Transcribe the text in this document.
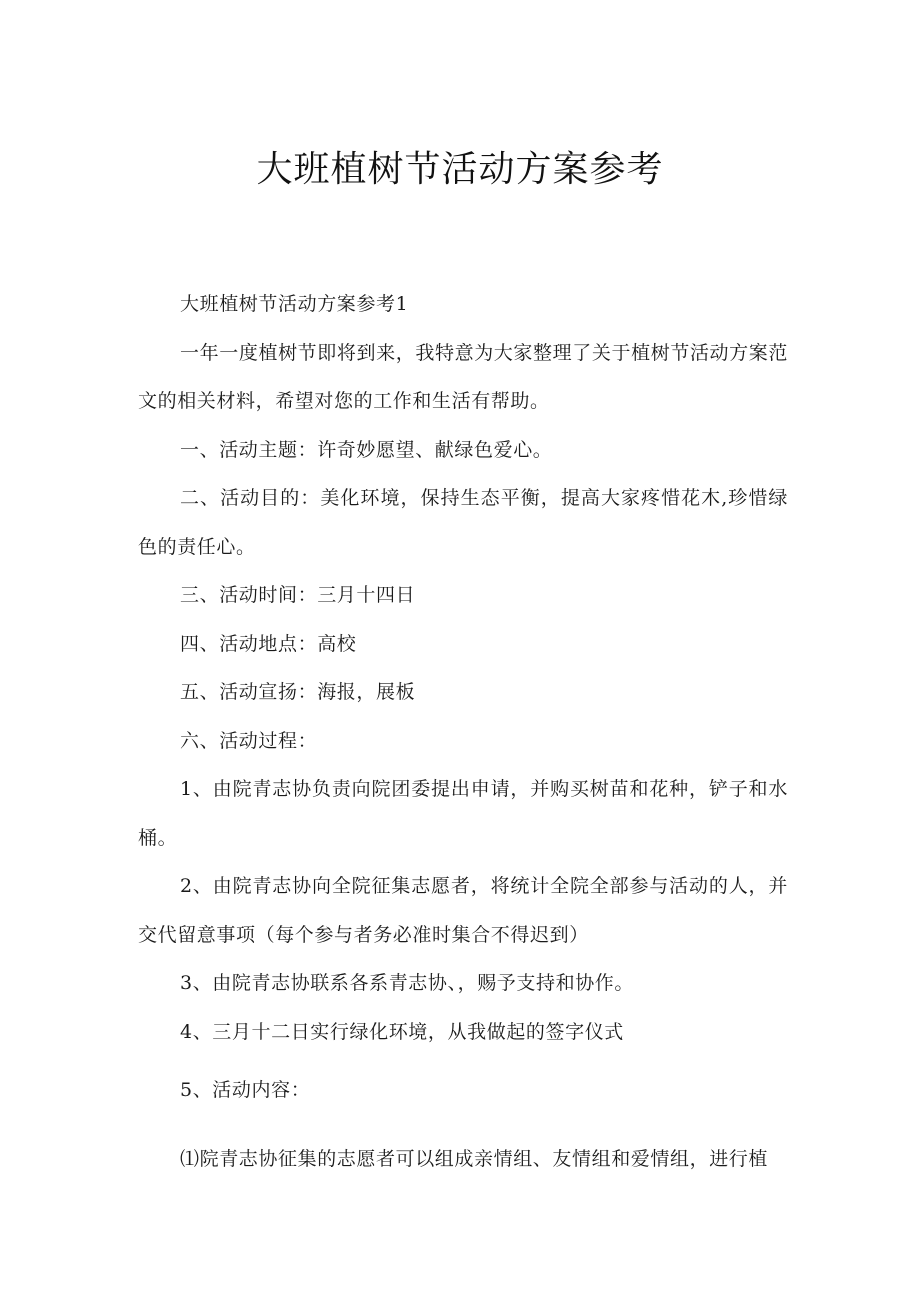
大班植树节活动方案参考

大班植树节活动方案参考1

一年一度植树节即将到来，我特意为大家整理了关于植树节活动方案范文的相关材料，希望对您的工作和生活有帮助。

一、活动主题：许奇妙愿望、献绿色爱心。

二、活动目的：美化环境，保持生态平衡，提高大家疼惜花木,珍惜绿色的责任心。

三、活动时间：三月十四日

四、活动地点：高校

五、活动宣扬：海报，展板

六、活动过程：

1、由院青志协负责向院团委提出申请，并购买树苗和花种，铲子和水桶。

2、由院青志协向全院征集志愿者，将统计全院全部参与活动的人，并交代留意事项（每个参与者务必准时集合不得迟到）

3、由院青志协联系各系青志协、，赐予支持和协作。

4、三月十二日实行绿化环境，从我做起的签字仪式

5、活动内容：

⑴院青志协征集的志愿者可以组成亲情组、友情组和爱情组，进行植
